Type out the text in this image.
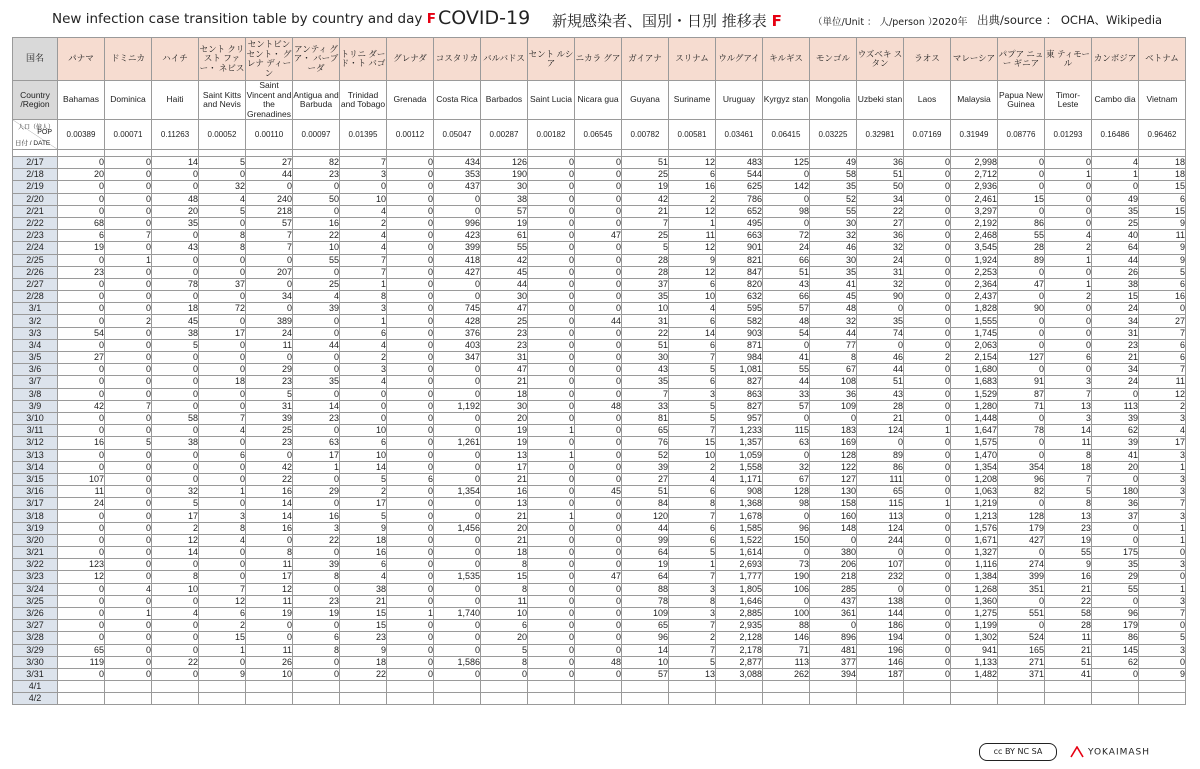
New infection case transition table by country and day F COVID-19 新規感染者、国別・日別 推移表 F	（単位/Unit ： 人/person ）
2020年 出典/source ： OCHA、Wikipedia
国名	パナマ	ドミニカ	ハイチ	セント クリスト ファー・ ネビス	セントビン セント・ グレナ ディーン	アンティ グア・ バーブーダ	トリニ ダード・ト バゴ	グレナダ	コスタリカ	バルバドス	セント ルシア	ニカラ グア	ガイアナ	スリナム	ウルグアイ	キルギス	モンゴル	ウズベキ スタン	ラオス	マレーシア	パプア ニュー ギニア	東 ティモール	カンボジア	ベトナム
Country /Region	Bahamas	Dominica	Haiti	Saint Kitts and Nevis	Saint Vincent and the Grenadines	Antigua and Barbuda	Trinidad and Tobago	Grenada	Costa Rica	Barbados	Saint Lucia	Nicara gua	Guyana	Suriname	Uruguay	Kyrgyz stan	Mongolia	Uzbeki stan	Laos	Malaysia	Papua New Guinea	Timor- Leste	Cambo dia	Vietnam

人口（億人）
POP
日付 / DATE	0.00389	0.00071	0.11263	0.00052	0.00110	0.00097	0.01395	0.00112	0.05047	0.00287	0.00182	0.06545	0.00782	0.00581	0.03461	0.06415	0.03225	0.32981	0.07169	0.31949	0.08776	0.01293	0.16486	0.96462

2/17	0	0	14	5	27	82	7	0	434	126	0	0	51	12	483	125	49	36	0	2,998	0	0	4	18
2/18	20	0	0	0	44	23	3	0	353	190	0	0	25	6	544	0	58	51	0	2,712	0	1	1	18
2/19	0	0	0	32	0	0	0	0	437	30	0	0	19	16	625	142	35	50	0	2,936	0	0	0	15
2/20	0	0	48	4	240	50	10	0	0	38	0	0	42	2	786	0	52	34	0	2,461	15	0	49	6
2/21	0	0	20	5	218	0	4	0	0	57	0	0	21	12	652	98	55	22	0	3,297	0	0	35	15
2/22	68	0	35	0	57	16	2	0	996	19	0	0	7	1	495	0	30	27	0	2,192	86	0	25	9
2/23	6	7	0	8	7	22	4	0	423	61	0	47	25	11	663	72	32	36	0	2,468	55	4	40	11
2/24	19	0	43	8	7	10	4	0	399	55	0	0	5	12	901	24	46	32	0	3,545	28	2	64	9
2/25	0	1	0	0	0	55	7	0	418	42	0	0	28	9	821	66	30	24	0	1,924	89	1	44	9
2/26	23	0	0	0	207	0	7	0	427	45	0	0	28	12	847	51	35	31	0	2,253	0	0	26	5
2/27	0	0	78	37	0	25	1	0	0	44	0	0	37	6	820	43	41	32	0	2,364	47	1	38	6
2/28	0	0	0	0	34	4	8	0	0	30	0	0	35	10	632	66	45	90	0	2,437	0	2	15	16
3/1	0	0	18	72	0	39	3	0	745	47	0	0	10	4	595	57	48	0	0	1,828	90	0	24	0
3/2	0	2	45	0	389	0	1	0	428	25	0	44	31	6	582	48	32	35	0	1,555	0	0	34	27
3/3	54	0	38	17	24	0	6	0	376	23	0	0	22	14	903	54	44	74	0	1,745	0	0	31	7
3/4	0	0	5	0	11	44	4	0	403	23	0	0	51	6	871	0	77	0	0	2,063	0	0	23	6
3/5	27	0	0	0	0	0	2	0	347	31	0	0	30	7	984	41	8	46	2	2,154	127	6	21	6
3/6	0	0	0	0	29	0	3	0	0	47	0	0	43	5	1,081	55	67	44	0	1,680	0	0	34	7
3/7	0	0	0	18	23	35	4	0	0	21	0	0	35	6	827	44	108	51	0	1,683	91	3	24	11
3/8	0	0	0	0	5	0	0	0	0	18	0	0	7	3	863	33	36	43	0	1,529	87	7	0	12
3/9	42	7	0	0	31	14	0	0	1,192	30	0	48	33	5	827	57	109	28	0	1,280	71	13	113	2
3/10	0	0	58	7	39	23	0	0	0	20	0	0	81	5	957	0	0	21	0	1,448	0	3	39	3
3/11	0	0	0	4	25	0	10	0	0	19	1	0	65	7	1,233	115	183	124	1	1,647	78	14	62	4
3/12	16	5	38	0	23	63	6	0	1,261	19	0	0	76	15	1,357	63	169	0	0	1,575	0	11	39	17
3/13	0	0	0	6	0	17	10	0	0	13	1	0	52	10	1,059	0	128	89	0	1,470	0	8	41	3
3/14	0	0	0	0	42	1	14	0	0	17	0	0	39	2	1,558	32	122	86	0	1,354	354	18	20	1
3/15	107	0	0	0	22	0	5	6	0	21	0	0	27	4	1,171	67	127	111	0	1,208	96	7	0	3
3/16	11	0	32	1	16	29	2	0	1,354	16	0	45	51	6	908	128	130	65	0	1,063	82	5	180	3
3/17	24	0	5	0	14	0	17	0	0	13	0	0	84	8	1,368	98	158	115	1	1,219	0	8	36	7
3/18	0	0	17	3	14	16	5	0	0	21	1	0	120	7	1,678	0	160	113	0	1,213	128	13	37	3
3/19	0	0	2	8	16	3	9	0	1,456	20	0	0	44	6	1,585	96	148	124	0	1,576	179	23	0	1
3/20	0	0	12	4	0	22	18	0	0	21	0	0	99	6	1,522	150	0	244	0	1,671	427	19	0	1
3/21	0	0	14	0	8	0	16	0	0	18	0	0	64	5	1,614	0	380	0	0	1,327	0	55	175	0
3/22	123	0	0	0	11	39	6	0	0	8	0	0	19	1	2,693	73	206	107	0	1,116	274	9	35	3
3/23	12	0	8	0	17	8	4	0	1,535	15	0	47	64	7	1,777	190	218	232	0	1,384	399	16	29	0
3/24	0	4	10	7	12	0	38	0	0	8	0	0	88	3	1,805	106	285	0	0	1,268	351	21	55	1
3/25	0	0	0	12	11	23	21	0	0	11	0	0	78	8	1,646	0	437	138	0	1,360	0	22	0	3
3/26	0	1	4	6	19	19	15	1	1,740	10	0	0	109	3	2,885	100	361	144	0	1,275	551	58	96	7
3/27	0	0	0	2	0	0	15	0	0	6	0	0	65	7	2,935	88	0	186	0	1,199	0	28	179	0
3/28	0	0	0	15	0	6	23	0	0	20	0	0	96	2	2,128	146	896	194	0	1,302	524	11	86	5
3/29	65	0	0	1	11	8	9	0	0	5	0	0	14	7	2,178	71	481	196	0	941	165	21	145	3
3/30	119	0	22	0	26	0	18	0	1,586	8	0	48	10	5	2,877	113	377	146	0	1,133	271	51	62	0
3/31	0	0	0	9	10	0	22	0	0	0	0	0	57	13	3,088	262	394	187	0	1,482	371	41	0	9
4/1																								
4/2																								
cc BY NC SA	YOKAIMASH
